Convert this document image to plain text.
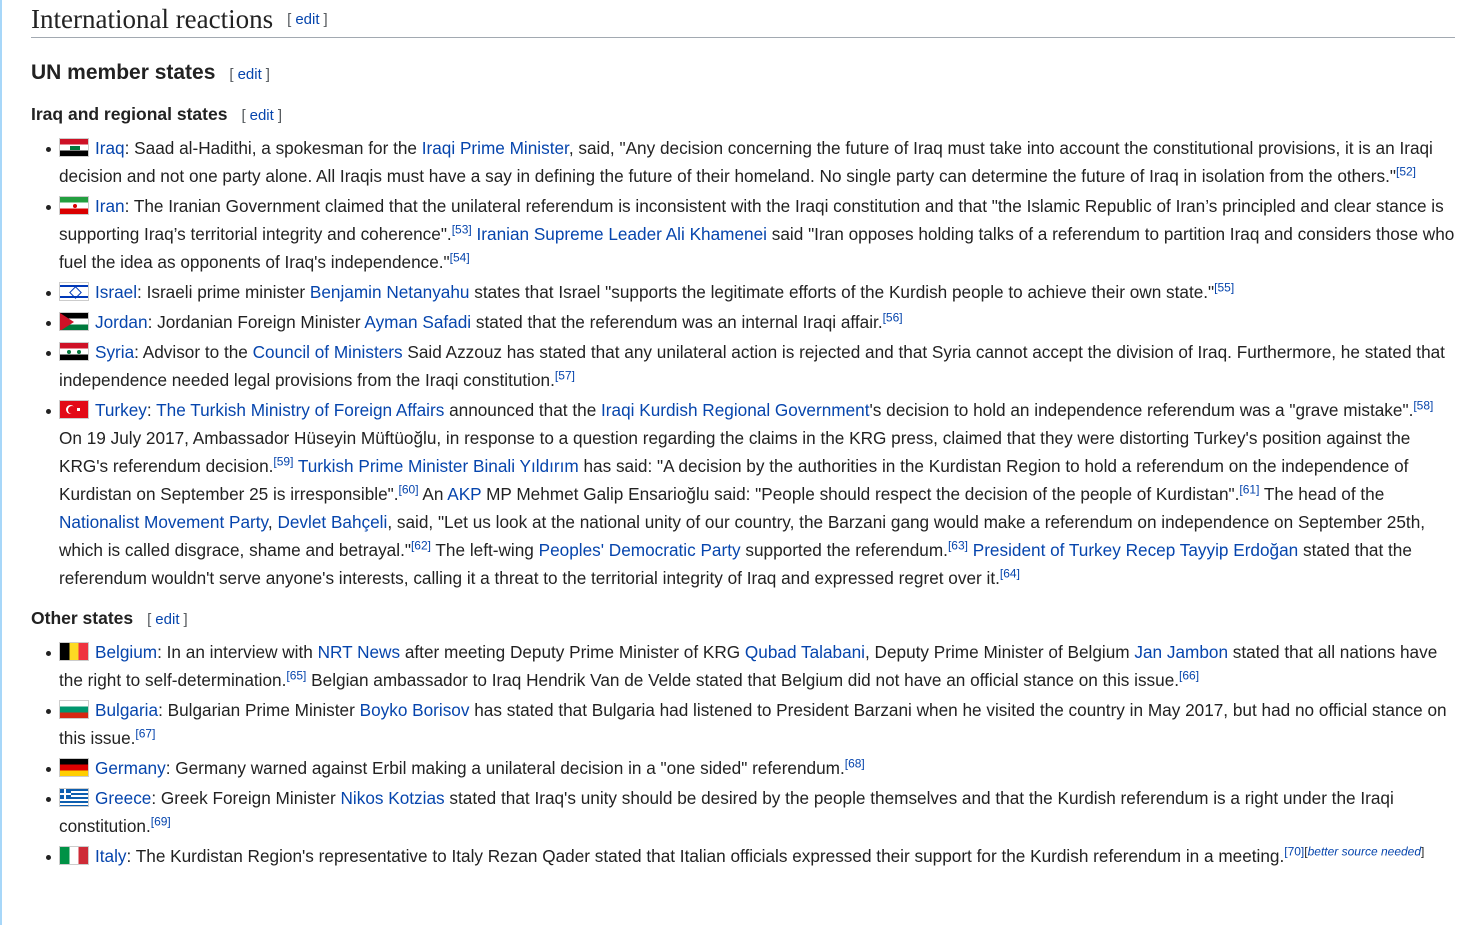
International reactions [ edit ]
UN member states [ edit ]
Iraq and regional states [ edit ]
Iraq: Saad al-Hadithi, a spokesman for the Iraqi Prime Minister, said, "Any decision concerning the future of Iraq must take into account the constitutional provisions, it is an Iraqi decision and not one party alone. All Iraqis must have a say in defining the future of their homeland. No single party can determine the future of Iraq in isolation from the others."[52]
Iran: The Iranian Government claimed that the unilateral referendum is inconsistent with the Iraqi constitution and that "the Islamic Republic of Iran’s principled and clear stance is supporting Iraq’s territorial integrity and coherence".[53] Iranian Supreme Leader Ali Khamenei said "Iran opposes holding talks of a referendum to partition Iraq and considers those who fuel the idea as opponents of Iraq's independence."[54]
Israel: Israeli prime minister Benjamin Netanyahu states that Israel "supports the legitimate efforts of the Kurdish people to achieve their own state."[55]
Jordan: Jordanian Foreign Minister Ayman Safadi stated that the referendum was an internal Iraqi affair.[56]
Syria: Advisor to the Council of Ministers Said Azzouz has stated that any unilateral action is rejected and that Syria cannot accept the division of Iraq. Furthermore, he stated that independence needed legal provisions from the Iraqi constitution.[57]
Turkey: The Turkish Ministry of Foreign Affairs announced that the Iraqi Kurdish Regional Government's decision to hold an independence referendum was a "grave mistake".[58] On 19 July 2017, Ambassador Hüseyin Müftüoğlu, in response to a question regarding the claims in the KRG press, claimed that they were distorting Turkey's position against the KRG's referendum decision.[59] Turkish Prime Minister Binali Yıldırım has said: "A decision by the authorities in the Kurdistan Region to hold a referendum on the independence of Kurdistan on September 25 is irresponsible".[60] An AKP MP Mehmet Galip Ensarioğlu said: "People should respect the decision of the people of Kurdistan".[61] The head of the Nationalist Movement Party, Devlet Bahçeli, said, "Let us look at the national unity of our country, the Barzani gang would make a referendum on independence on September 25th, which is called disgrace, shame and betrayal."[62] The left-wing Peoples' Democratic Party supported the referendum.[63] President of Turkey Recep Tayyip Erdoğan stated that the referendum wouldn't serve anyone's interests, calling it a threat to the territorial integrity of Iraq and expressed regret over it.[64]
Other states [ edit ]
Belgium: In an interview with NRT News after meeting Deputy Prime Minister of KRG Qubad Talabani, Deputy Prime Minister of Belgium Jan Jambon stated that all nations have the right to self-determination.[65] Belgian ambassador to Iraq Hendrik Van de Velde stated that Belgium did not have an official stance on this issue.[66]
Bulgaria: Bulgarian Prime Minister Boyko Borisov has stated that Bulgaria had listened to President Barzani when he visited the country in May 2017, but had no official stance on this issue.[67]
Germany: Germany warned against Erbil making a unilateral decision in a "one sided" referendum.[68]
Greece: Greek Foreign Minister Nikos Kotzias stated that Iraq's unity should be desired by the people themselves and that the Kurdish referendum is a right under the Iraqi constitution.[69]
Italy: The Kurdistan Region's representative to Italy Rezan Qader stated that Italian officials expressed their support for the Kurdish referendum in a meeting.[70][better source needed]
